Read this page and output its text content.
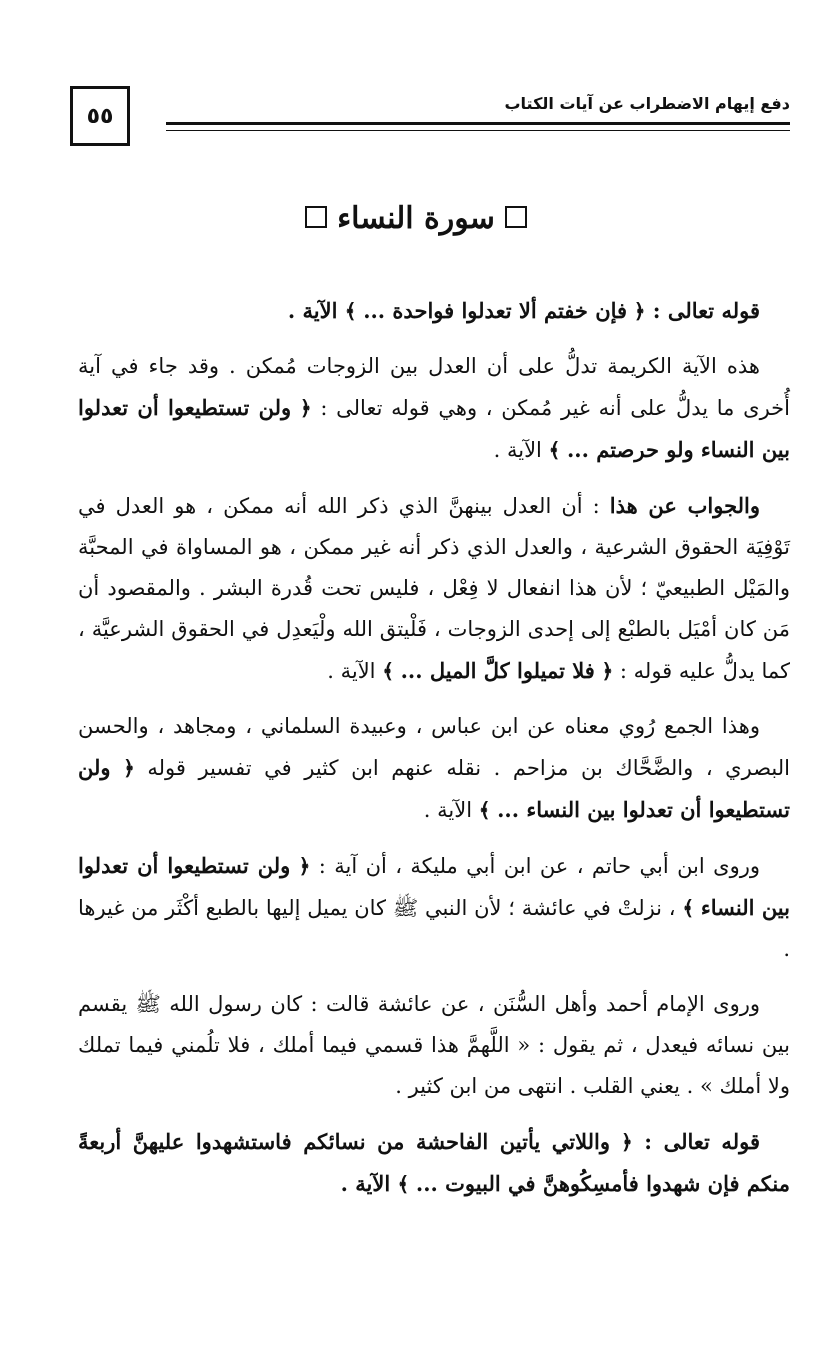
٥٥	دفع إيهام الاضطراب عن آيات الكتاب
سورة النساء

قوله تعالى : ﴿ فإن خفتم ألا تعدلوا فواحدة ... ﴾ الآية .

هذه الآية الكريمة تدلُّ على أن العدل بين الزوجات مُمكن . وقد جاء في آية أُخرى ما يدلُّ على أنه غير مُمكن ، وهي قوله تعالى : ﴿ ولن تستطيعوا أن تعدلوا بين النساء ولو حرصتم ... ﴾ الآية .

والجواب عن هذا : أن العدل بينهنَّ الذي ذكر الله أنه ممكن ، هو العدل في تَوْفِيَة الحقوق الشرعية ، والعدل الذي ذكر أنه غير ممكن ، هو المساواة في المحبَّة والمَيْل الطبيعيّ ؛ لأن هذا انفعال لا فِعْل ، فليس تحت قُدرة البشر . والمقصود أن مَن كان أمْيَل بالطبْع إلى إحدى الزوجات ، فَلْيتق الله ولْيَعدِل في الحقوق الشرعيَّة ، كما يدلُّ عليه قوله : ﴿ فلا تميلوا كلَّ الميل ... ﴾ الآية .

وهذا الجمع رُوي معناه عن ابن عباس ، وعبيدة السلماني ، ومجاهد ، والحسن البصري ، والضَّحَّاك بن مزاحم . نقله عنهم ابن كثير في تفسير قوله ﴿ ولن تستطيعوا أن تعدلوا بين النساء ... ﴾ الآية .

وروى ابن أبي حاتم ، عن ابن أبي مليكة ، أن آية : ﴿ ولن تستطيعوا أن تعدلوا بين النساء ﴾ ، نزلتْ في عائشة ؛ لأن النبي ﷺ كان يميل إليها بالطبع أكْثَر من غيرها .

وروى الإمام أحمد وأهل السُّنَن ، عن عائشة قالت : كان رسول الله ﷺ يقسم بين نسائه فيعدل ، ثم يقول : « اللَّهمَّ هذا قسمي فيما أملك ، فلا تلُمني فيما تملك ولا أملك » . يعني القلب . انتهى من ابن كثير .

قوله تعالى : ﴿ واللاتي يأتين الفاحشة من نسائكم فاستشهدوا عليهنَّ أربعةً منكم فإن شهدوا فأمسِكُوهنَّ في البيوت ... ﴾ الآية .
